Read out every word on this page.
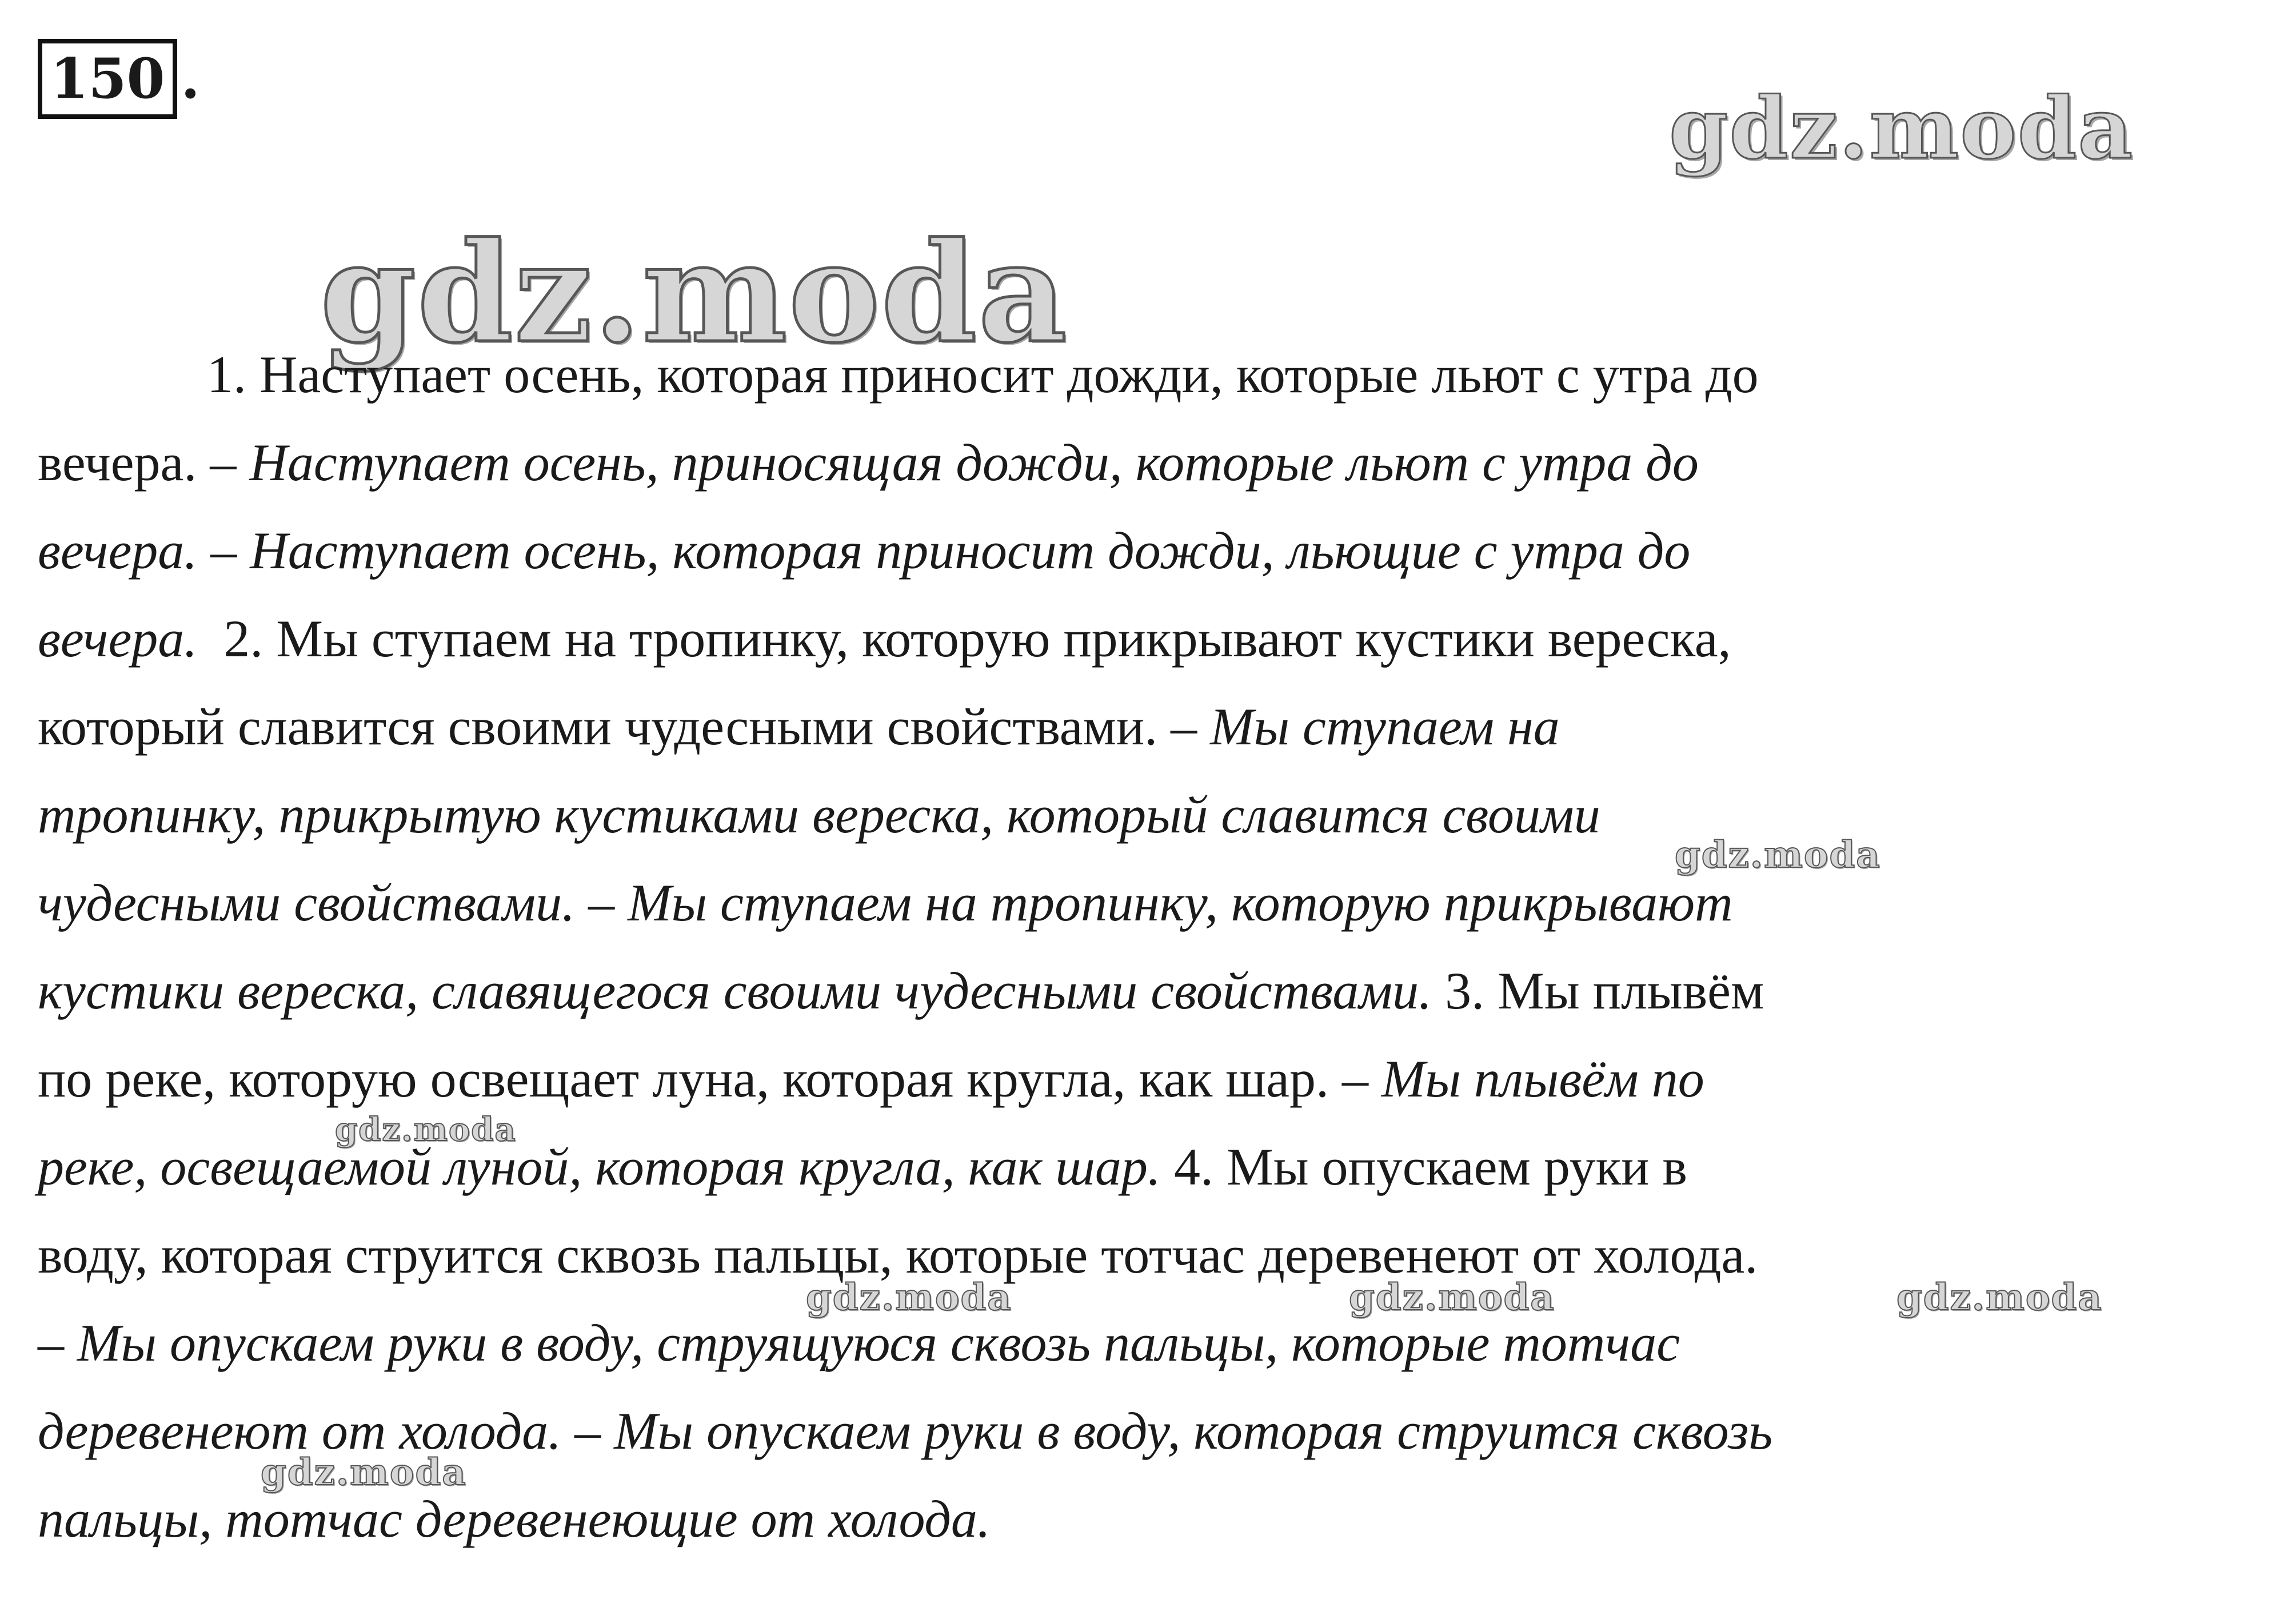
150 .	gdz.moda
gdz.moda
1. Наступает осень, которая приносит дожди, которые льют с утра до
вечера. – Наступает осень, приносящая дожди, которые льют с утра до
вечера. – Наступает осень, которая приносит дожди, льющие с утра до
вечера.  2. Мы ступаем на тропинку, которую прикрывают кустики вереска,
который славится своими чудесными свойствами. – Мы ступаем на
тропинку, прикрытую кустиками вереска, который славится своими
чудесными свойствами. – Мы ступаем на тропинку, которую прикрывают
кустики вереска, славящегося своими чудесными свойствами. 3. Мы плывём
по реке, которую освещает луна, которая кругла, как шар. – Мы плывём по
реке, освещаемой луной, которая кругла, как шар. 4. Мы опускаем руки в
воду, которая струится сквозь пальцы, которые тотчас деревенеют от холода.
– Мы опускаем руки в воду, струящуюся сквозь пальцы, которые тотчас
деревенеют от холода. – Мы опускаем руки в воду, которая струится сквозь
пальцы, тотчас деревенеющие от холода.
gdz.moda
gdz.moda
gdz.moda	gdz.moda	gdz.moda
gdz.moda
